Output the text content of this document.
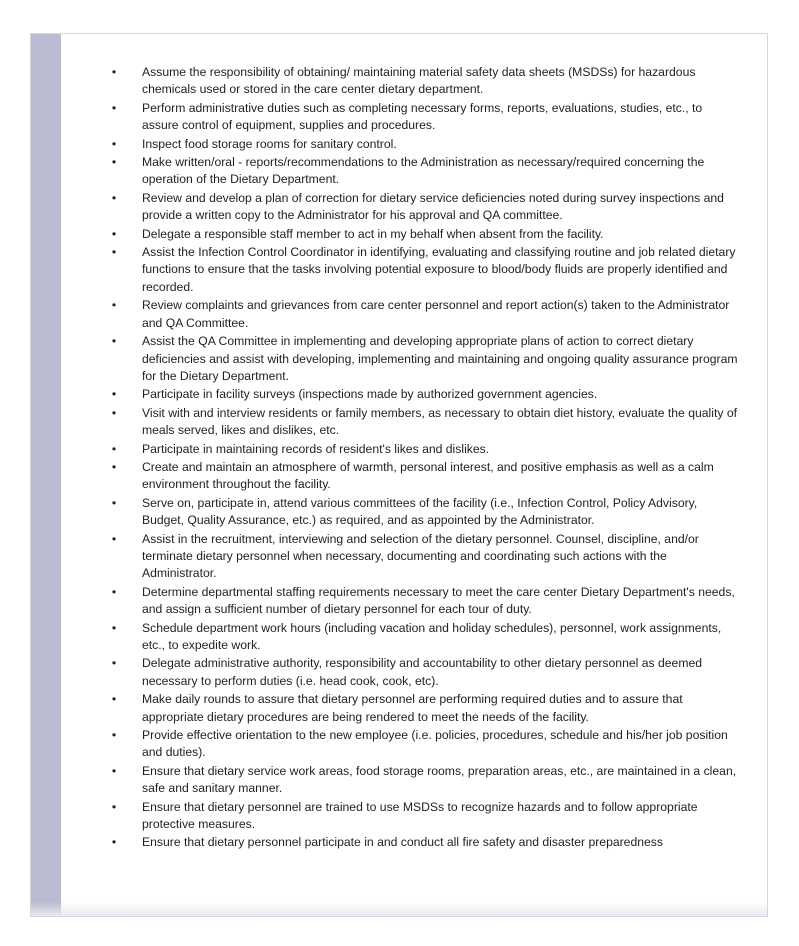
• Assume the responsibility of obtaining/ maintaining material safety data sheets (MSDSs) for hazardous chemicals used or stored in the care center dietary department.
• Perform administrative duties such as completing necessary forms, reports, evaluations, studies, etc., to assure control of equipment, supplies and procedures.
• Inspect food storage rooms for sanitary control.
• Make written/oral - reports/recommendations to the Administration as necessary/required concerning the operation of the Dietary Department.
• Review and develop a plan of correction for dietary service deficiencies noted during survey inspections and provide a written copy to the Administrator for his approval and QA committee.
• Delegate a responsible staff member to act in my behalf when absent from the facility.
• Assist the Infection Control Coordinator in identifying, evaluating and classifying routine and job related dietary functions to ensure that the tasks involving potential exposure to blood/body fluids are properly identified and recorded.
• Review complaints and grievances from care center personnel and report action(s) taken to the Administrator and QA Committee.
• Assist the QA Committee in implementing and developing appropriate plans of action to correct dietary deficiencies and assist with developing, implementing and maintaining and ongoing quality assurance program for the Dietary Department.
• Participate in facility surveys (inspections made by authorized government agencies.
• Visit with and interview residents or family members, as necessary to obtain diet history, evaluate the quality of meals served, likes and dislikes, etc.
• Participate in maintaining records of resident's likes and dislikes.
• Create and maintain an atmosphere of warmth, personal interest, and positive emphasis as well as a calm environment throughout the facility.
• Serve on, participate in, attend various committees of the facility (i.e., Infection Control, Policy Advisory, Budget, Quality Assurance, etc.) as required, and as appointed by the Administrator.
• Assist in the recruitment, interviewing and selection of the dietary personnel. Counsel, discipline, and/or terminate dietary personnel when necessary, documenting and coordinating such actions with the Administrator.
• Determine departmental staffing requirements necessary to meet the care center Dietary Department's needs, and assign a sufficient number of dietary personnel for each tour of duty.
• Schedule department work hours (including vacation and holiday schedules), personnel, work assignments, etc., to expedite work.
• Delegate administrative authority, responsibility and accountability to other dietary personnel as deemed necessary to perform duties (i.e. head cook, cook, etc).
• Make daily rounds to assure that dietary personnel are performing required duties and to assure that appropriate dietary procedures are being rendered to meet the needs of the facility.
• Provide effective orientation to the new employee (i.e. policies, procedures, schedule and his/her job position and duties).
• Ensure that dietary service work areas, food storage rooms, preparation areas, etc., are maintained in a clean, safe and sanitary manner.
• Ensure that dietary personnel are trained to use MSDSs to recognize hazards and to follow appropriate protective measures.
• Ensure that dietary personnel participate in and conduct all fire safety and disaster preparedness
